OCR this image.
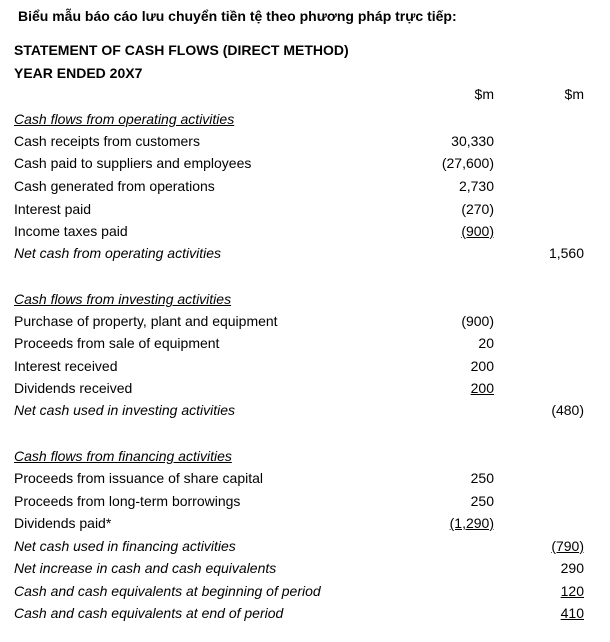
Biểu mẫu báo cáo lưu chuyển tiền tệ theo phương pháp trực tiếp:
STATEMENT OF CASH FLOWS (DIRECT METHOD)
YEAR ENDED 20X7
$m	$m
Cash flows from operating activities
Cash receipts from customers	30,330
Cash paid to suppliers and employees	(27,600)
Cash generated from operations	2,730
Interest paid	(270)
Income taxes paid	(900)
Net cash from operating activities	1,560
Cash flows from investing activities
Purchase of property, plant and equipment	(900)
Proceeds from sale of equipment	20
Interest received	200
Dividends received	200
Net cash used in investing activities	(480)
Cash flows from financing activities
Proceeds from issuance of share capital	250
Proceeds from long-term borrowings	250
Dividends paid*	(1,290)
Net cash used in financing activities	(790)
Net increase in cash and cash equivalents	290
Cash and cash equivalents at beginning of period	120
Cash and cash equivalents at end of period	410
